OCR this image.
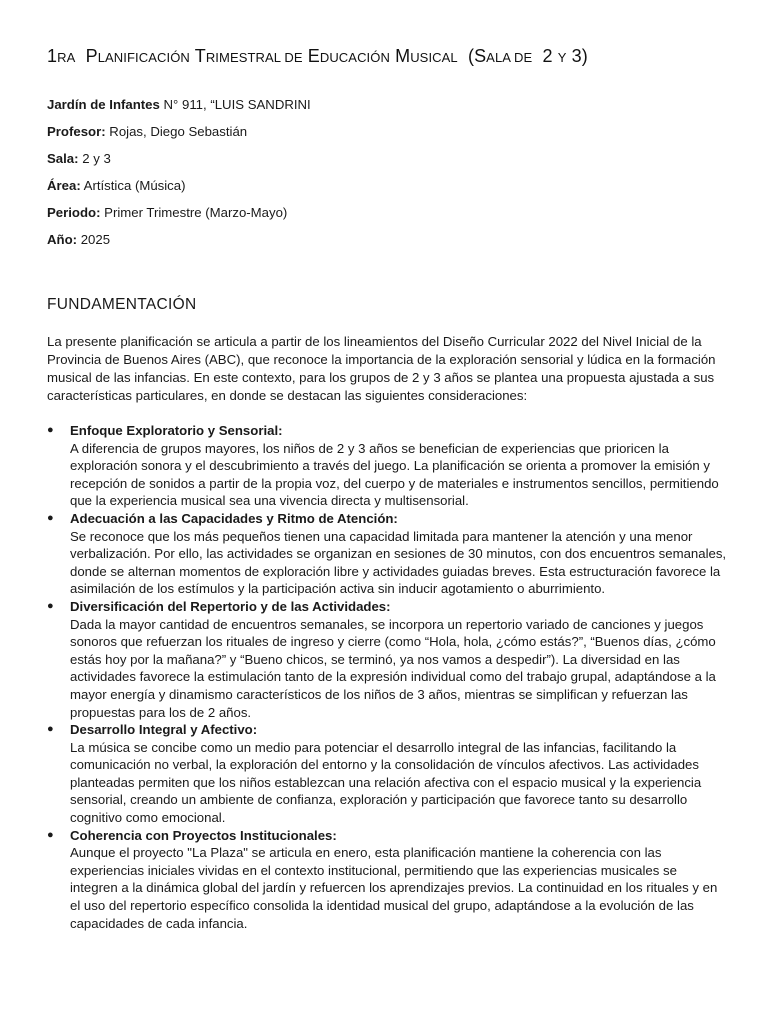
1RA PLANIFICACIÓN TRIMESTRAL DE EDUCACIÓN MUSICAL (SALA DE 2 Y 3)
Jardín de Infantes N° 911, “LUIS SANDRINI
Profesor: Rojas, Diego Sebastián
Sala: 2 y 3
Área: Artística (Música)
Periodo: Primer Trimestre (Marzo-Mayo)
Año: 2025
FUNDAMENTACIÓN

La presente planificación se articula a partir de los lineamientos del Diseño Curricular 2022 del Nivel Inicial de la Provincia de Buenos Aires (ABC), que reconoce la importancia de la exploración sensorial y lúdica en la formación musical de las infancias. En este contexto, para los grupos de 2 y 3 años se plantea una propuesta ajustada a sus características particulares, en donde se destacan las siguientes consideraciones:

● Enfoque Exploratorio y Sensorial:
A diferencia de grupos mayores, los niños de 2 y 3 años se benefician de experiencias que prioricen la exploración sonora y el descubrimiento a través del juego. La planificación se orienta a promover la emisión y recepción de sonidos a partir de la propia voz, del cuerpo y de materiales e instrumentos sencillos, permitiendo que la experiencia musical sea una vivencia directa y multisensorial.
● Adecuación a las Capacidades y Ritmo de Atención:
Se reconoce que los más pequeños tienen una capacidad limitada para mantener la atención y una menor verbalización. Por ello, las actividades se organizan en sesiones de 30 minutos, con dos encuentros semanales, donde se alternan momentos de exploración libre y actividades guiadas breves. Esta estructuración favorece la asimilación de los estímulos y la participación activa sin inducir agotamiento o aburrimiento.
● Diversificación del Repertorio y de las Actividades:
Dada la mayor cantidad de encuentros semanales, se incorpora un repertorio variado de canciones y juegos sonoros que refuerzan los rituales de ingreso y cierre (como “Hola, hola, ¿cómo estás?”, “Buenos días, ¿cómo estás hoy por la mañana?” y “Bueno chicos, se terminó, ya nos vamos a despedir”). La diversidad en las actividades favorece la estimulación tanto de la expresión individual como del trabajo grupal, adaptándose a la mayor energía y dinamismo característicos de los niños de 3 años, mientras se simplifican y refuerzan las propuestas para los de 2 años.
● Desarrollo Integral y Afectivo:
La música se concibe como un medio para potenciar el desarrollo integral de las infancias, facilitando la comunicación no verbal, la exploración del entorno y la consolidación de vínculos afectivos. Las actividades planteadas permiten que los niños establezcan una relación afectiva con el espacio musical y la experiencia sensorial, creando un ambiente de confianza, exploración y participación que favorece tanto su desarrollo cognitivo como emocional.
● Coherencia con Proyectos Institucionales:
Aunque el proyecto "La Plaza" se articula en enero, esta planificación mantiene la coherencia con las experiencias iniciales vividas en el contexto institucional, permitiendo que las experiencias musicales se integren a la dinámica global del jardín y refuercen los aprendizajes previos. La continuidad en los rituales y en el uso del repertorio específico consolida la identidad musical del grupo, adaptándose a la evolución de las capacidades de cada infancia.
